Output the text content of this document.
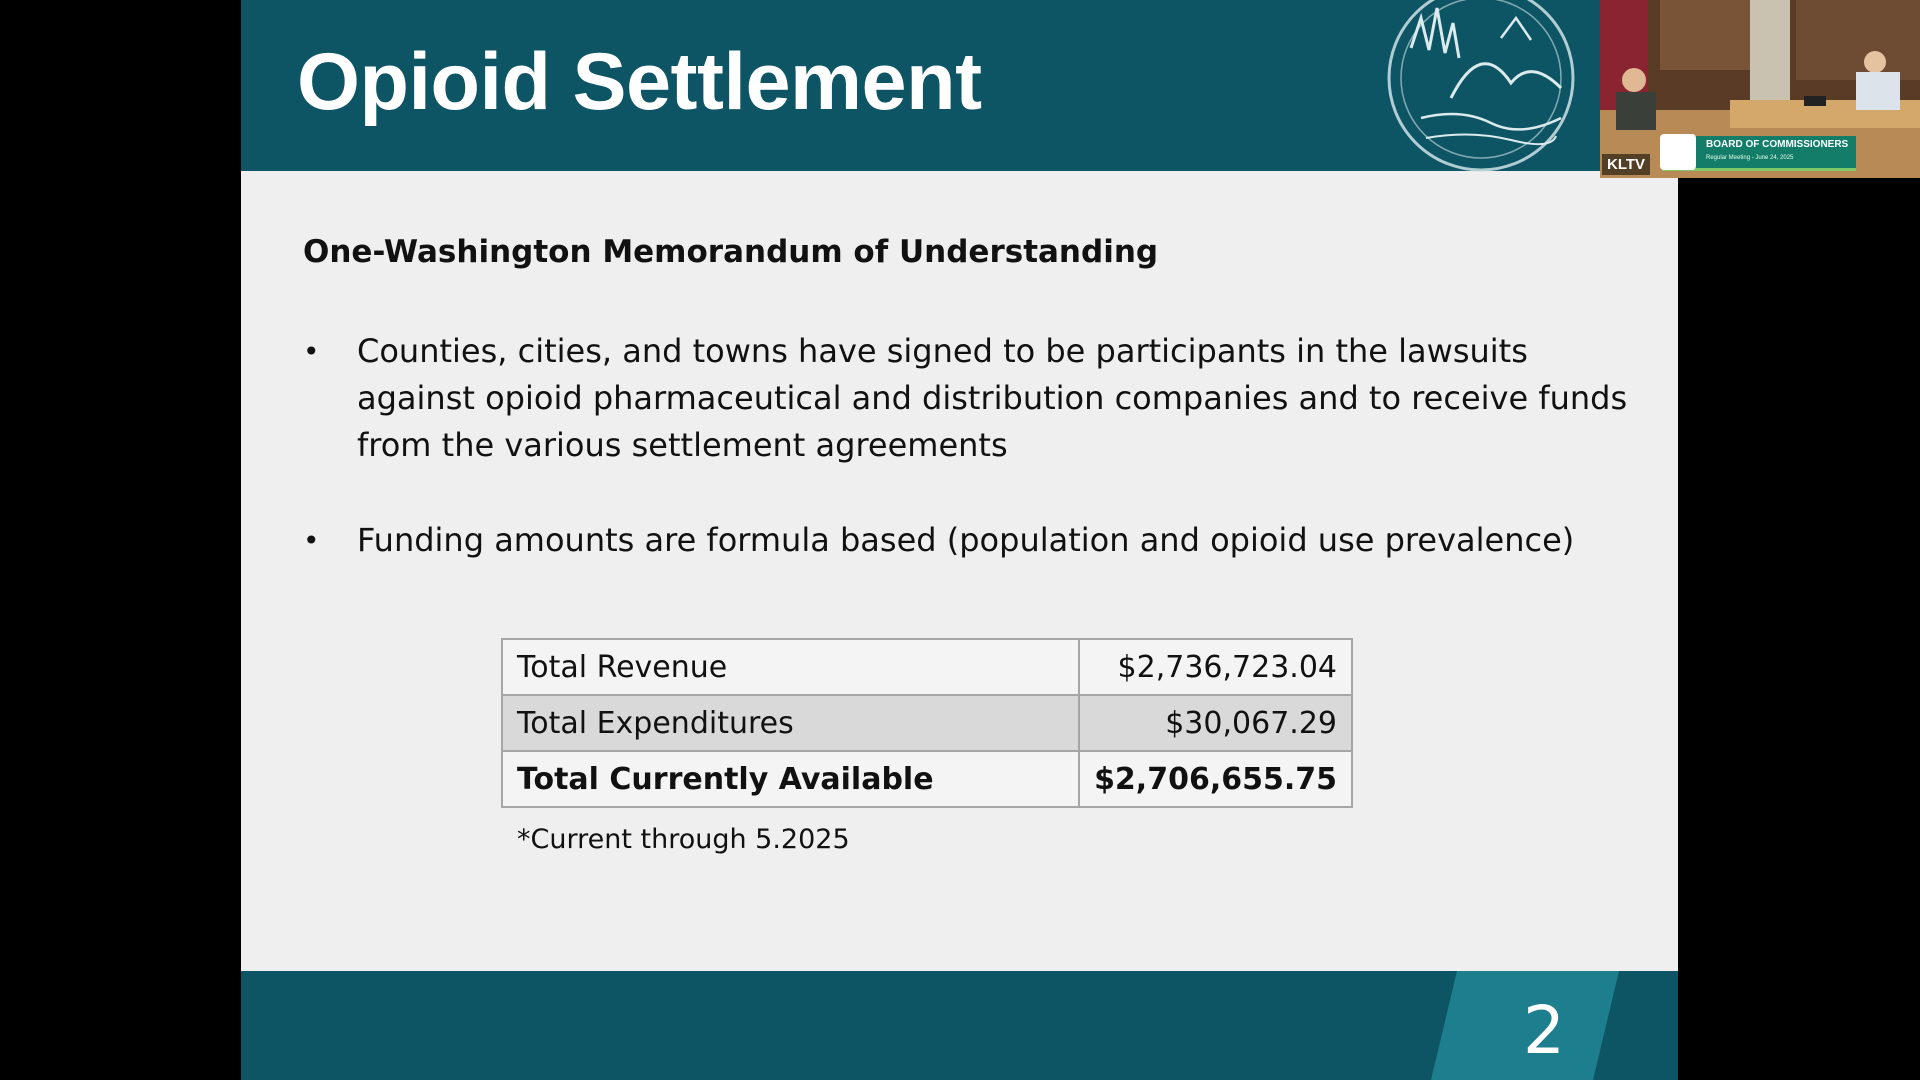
Opioid Settlement
One-Washington Memorandum of Understanding
• Counties, cities, and towns have signed to be participants in the lawsuits against opioid pharmaceutical and distribution companies and to receive funds from the various settlement agreements
• Funding amounts are formula based (population and opioid use prevalence)
Total Revenue	$2,736,723.04
Total Expenditures	$30,067.29
Total Currently Available	$2,706,655.75
*Current through 5.2025
2
KLTV
BOARD OF COMMISSIONERS
Regular Meeting - June 24, 2025
